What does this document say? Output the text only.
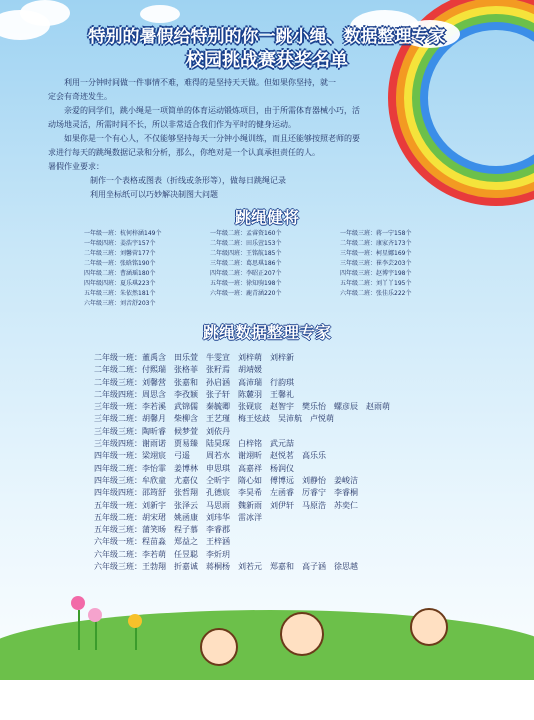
特别的暑假给特别的你一跳小绳、数据整理专家
校园挑战赛获奖名单
利用一分钟时间做一件事情不难，难得的是坚持天天做。但如果你坚持，就一
定会有奇迹发生。
亲爱的同学们，跳小绳是一项简单的体育运动锻炼项目，由于所需体育器械小巧，活
动场地灵活，所需时间不长，所以非常适合我们作为平时的健身运动。
如果你是一个有心人，不仅能够坚持每天一分钟小绳训练，而且还能够按照老师的要
求进行每天的跳绳数据记录和分析，那么，你绝对是一个认真承担责任的人。
暑假作业要求：
制作一个表格或图表（折线或条形等），做每日跳绳记录
利用坐标纸可以巧妙解决制图大问题
跳绳健将
一年级一班：杭何梓涵149个
一年级四班：姜浩宇157个
二年级三班：刘馨菅177个
二年级一班：张晗铭190个
四年级二班：曹涵瑶180个
四年级四班：夏乐琪223个
五年级三班：朱依然181个
六年级三班：刘音舒203个
一年级二班：孟睿资160个
二年级二班：田乐萱153个
二年级四班：王铭航185个
三年级二班：葛思琪186个
四年级二班：李昭正207个
五年级一班：徐知驹198个
六年级一班：鹿青涵220个
一年级三班：蒋一宁158个
二年级二班：康家齐173个
三年级一班：柯星娜169个
三年级三班：崔李芸203个
四年级三班：赵博宇198个
五年级二班：刘丫丫195个
六年级二班：张佳乐222个
跳绳数据整理专家
二年级一班：董禹含　田乐萱　牛雯宣　刘梓萌　刘梓新
二年级二班：付熙瑞　张格菲　张籽焉　胡靖媛
二年级三班：刘馨营　张嘉和　孙启涵　高沛瑞　行韵琪
二年级四班：周思含　李孜颖　张子轩　陈麓羽　王馨礼
三年级一班：李若溪　武锦儒　秦毓卿　张砚宸　赵智宇　樊乐怡　螺彦辰　赵雨萌
三年级二班：胡馨月　柴柳含　王艺瑾　梅王炫歧　吴沛航　卢悦萌
三年级三班：陶昕睿　候梦萱　刘依丹
三年级四班：谢雨诺　贾易臻　陆昊琛　白梓铭　武元喆
四年级一班：梁翊宸　弓遥　　周若水　谢翊昕　赵悦茗　高乐乐
四年级二班：李怡霏　姜博林　申思琪　高嘉祥　杨润仪
四年级三班：牟欣童　尤嘉仪　仝昕宇　隋心如　傅博远　刘静怡　姜峻洁
四年级四班：邵筠舒　张哲翔　孔德宸　李昊希　左函睿　厉睿宁　李睿桐
五年级一班：刘新宇　张泽云　马思雨　魏新雨　刘伊轩　马原浩　苏奕仁
五年级二班：胡宋珺　姚函康　刘玮华　雷冰洋
五年级三班：蒲笑旸　程子慕　李睿郡
六年级一班：程苗淼　郑益之　王梓涵
六年级二班：李若萌　任昱聪　李炘玥
六年级三班：王勃翔　折嘉诚　蒋桐杨　刘若元　郑嘉和　高子涵　徐思越
